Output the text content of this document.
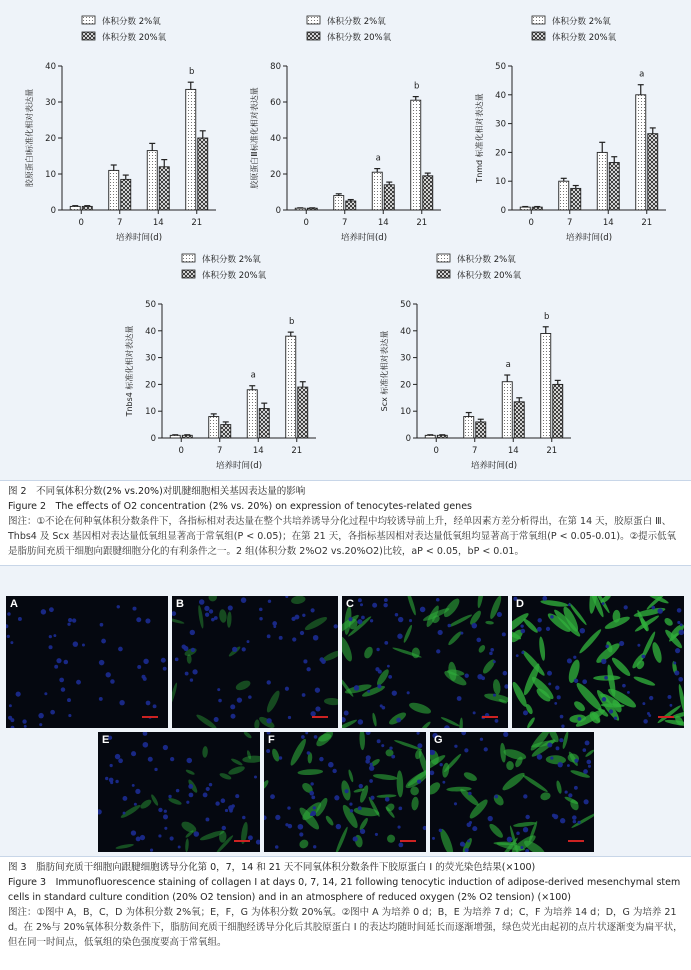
体积分数 2%氧
体积分数 20%氧
0
10
20
30
40
胶原蛋白Ⅰ标准化相对表达量
培养时间(d)
0	7	14	21
b
体积分数 2%氧
体积分数 20%氧
0
20
40
60
80
胶原蛋白Ⅲ标准化相对表达量
培养时间(d)
0	7	14
a
21
b
体积分数 2%氧
体积分数 20%氧
0
10
20
30
40
50
Tnmd 标准化相对表达量
培养时间(d)
0	7	14	21
a
体积分数 2%氧
体积分数 20%氧
0
10
20
30
40
50
Tnbs4 标准化相对表达量
培养时间(d)
0	7	14
a
21
b
体积分数 2%氧
体积分数 20%氧
0
10
20
30
40
50
Scx 标准化相对表达量
培养时间(d)
0	7	14
a
21
b

图 2　不同氧体积分数(2% vs.20%)对肌腱细胞相关基因表达量的影响

Figure 2　The effects of O2 concentration (2% vs. 20%) on expression of tenocytes-related genes

图注：①不论在何种氧体积分数条件下，各指标相对表达量在整个共培养诱导分化过程中均较诱导前上升，经单因素方差分析得出，在第 14 天，胶原蛋白 Ⅲ、Thbs4 及 Scx 基因相对表达量低氧组显著高于常氧组(P < 0.05)；在第 21 天，各指标基因相对表达量低氧组均显著高于常氧组(P < 0.05-0.01)。②提示低氧是脂肪间充质干细胞向跟腱细胞分化的有利条件之一。2 组(体积分数 2%O2 vs.20%O2)比较，aP < 0.05，bP < 0.01。

A	B	C	D
E	F	G

图 3　脂肪间充质干细胞向跟腱细胞诱导分化第 0，7，14 和 21 天不同氧体积分数条件下胶原蛋白 Ⅰ 的荧光染色结果(×100)

Figure 3　Immunofluorescence staining of collagen I at days 0, 7, 14, 21 following tenocytic induction of adipose-derived mesenchymal stem cells in standard culture condition (20% O2 tension) and in an atmosphere of reduced oxygen (2% O2 tension) (×100)

图注：①图中 A，B，C，D 为体积分数 2%氧；E，F，G 为体积分数 20%氧。②图中 A 为培养 0 d；B，E 为培养 7 d；C，F 为培养 14 d；D，G 为培养 21 d。在 2%与 20%氧体积分数条件下，脂肪间充质干细胞经诱导分化后其胶原蛋白 Ⅰ 的表达均随时间延长而逐渐增强，绿色荧光由起初的点片状逐渐变为扁平状，但在同一时间点，低氧组的染色强度要高于常氧组。
